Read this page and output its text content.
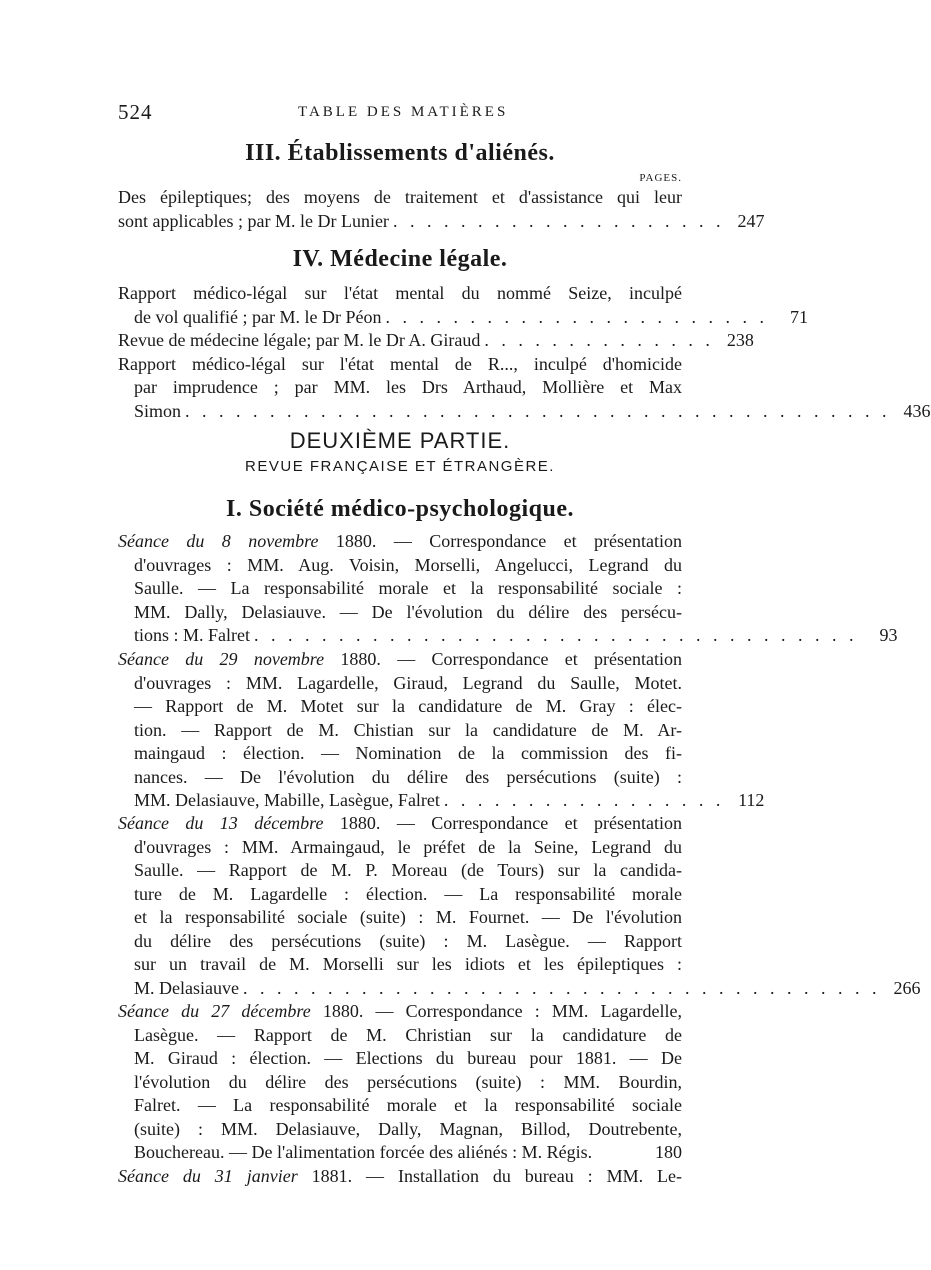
524	TABLE DES MATIÈRES
III. Établissements d'aliénés.
PAGES.
Des épileptiques; des moyens de traitement et d'assistance qui leur
sont applicables ; par M. le Dr Lunier . . . . . . . . . . . . . . . . . . . . 247
IV. Médecine légale.
Rapport médico-légal sur l'état mental du nommé Seize, inculpé
de vol qualifié ; par M. le Dr Péon . . . . . . . . . . . . . . . . . . . . . . .	71
Revue de médecine légale; par M. le Dr A. Giraud . . . . . . . . . . . . . . 238
Rapport médico-légal sur l'état mental de R..., inculpé d'homicide
par imprudence ; par MM. les Drs Arthaud, Mollière et Max
Simon . . . . . . . . . . . . . . . . . . . . . . . . . . . . . . . . . . . . . . . . . . 436
DEUXIÈME PARTIE.
REVUE FRANÇAISE ET ÉTRANGÈRE.
I. Société médico-psychologique.
Séance du 8 novembre 1880. — Correspondance et présentation
d'ouvrages : MM. Aug. Voisin, Morselli, Angelucci, Legrand du
Saulle. — La responsabilité morale et la responsabilité sociale :
MM. Dally, Delasiauve. — De l'évolution du délire des persécu-
tions : M. Falret . . . . . . . . . . . . . . . . . . . . . . . . . . . . . . . . . . . .	93
Séance du 29 novembre 1880. — Correspondance et présentation
d'ouvrages : MM. Lagardelle, Giraud, Legrand du Saulle, Motet.
— Rapport de M. Motet sur la candidature de M. Gray : élec-
tion. — Rapport de M. Chistian sur la candidature de M. Ar-
maingaud : élection. — Nomination de la commission des fi-
nances. — De l'évolution du délire des persécutions (suite) :
MM. Delasiauve, Mabille, Lasègue, Falret . . . . . . . . . . . . . . . . . 112
Séance du 13 décembre 1880. — Correspondance et présentation
d'ouvrages : MM. Armaingaud, le préfet de la Seine, Legrand du
Saulle. — Rapport de M. P. Moreau (de Tours) sur la candida-
ture de M. Lagardelle : élection. — La responsabilité morale
et la responsabilité sociale (suite) : M. Fournet. — De l'évolution
du délire des persécutions (suite) : M. Lasègue. — Rapport
sur un travail de M. Morselli sur les idiots et les épileptiques :
M. Delasiauve . . . . . . . . . . . . . . . . . . . . . . . . . . . . . . . . . . . . . . 266
Séance du 27 décembre 1880. — Correspondance : MM. Lagardelle,
Lasègue. — Rapport de M. Christian sur la candidature de
M. Giraud : élection. — Elections du bureau pour 1881. — De
l'évolution du délire des persécutions (suite) : MM. Bourdin,
Falret. — La responsabilité morale et la responsabilité sociale
(suite) : MM. Delasiauve, Dally, Magnan, Billod, Doutrebente,
Bouchereau. — De l'alimentation forcée des aliénés : M. Régis.	180
Séance du 31 janvier 1881. — Installation du bureau : MM. Le-
